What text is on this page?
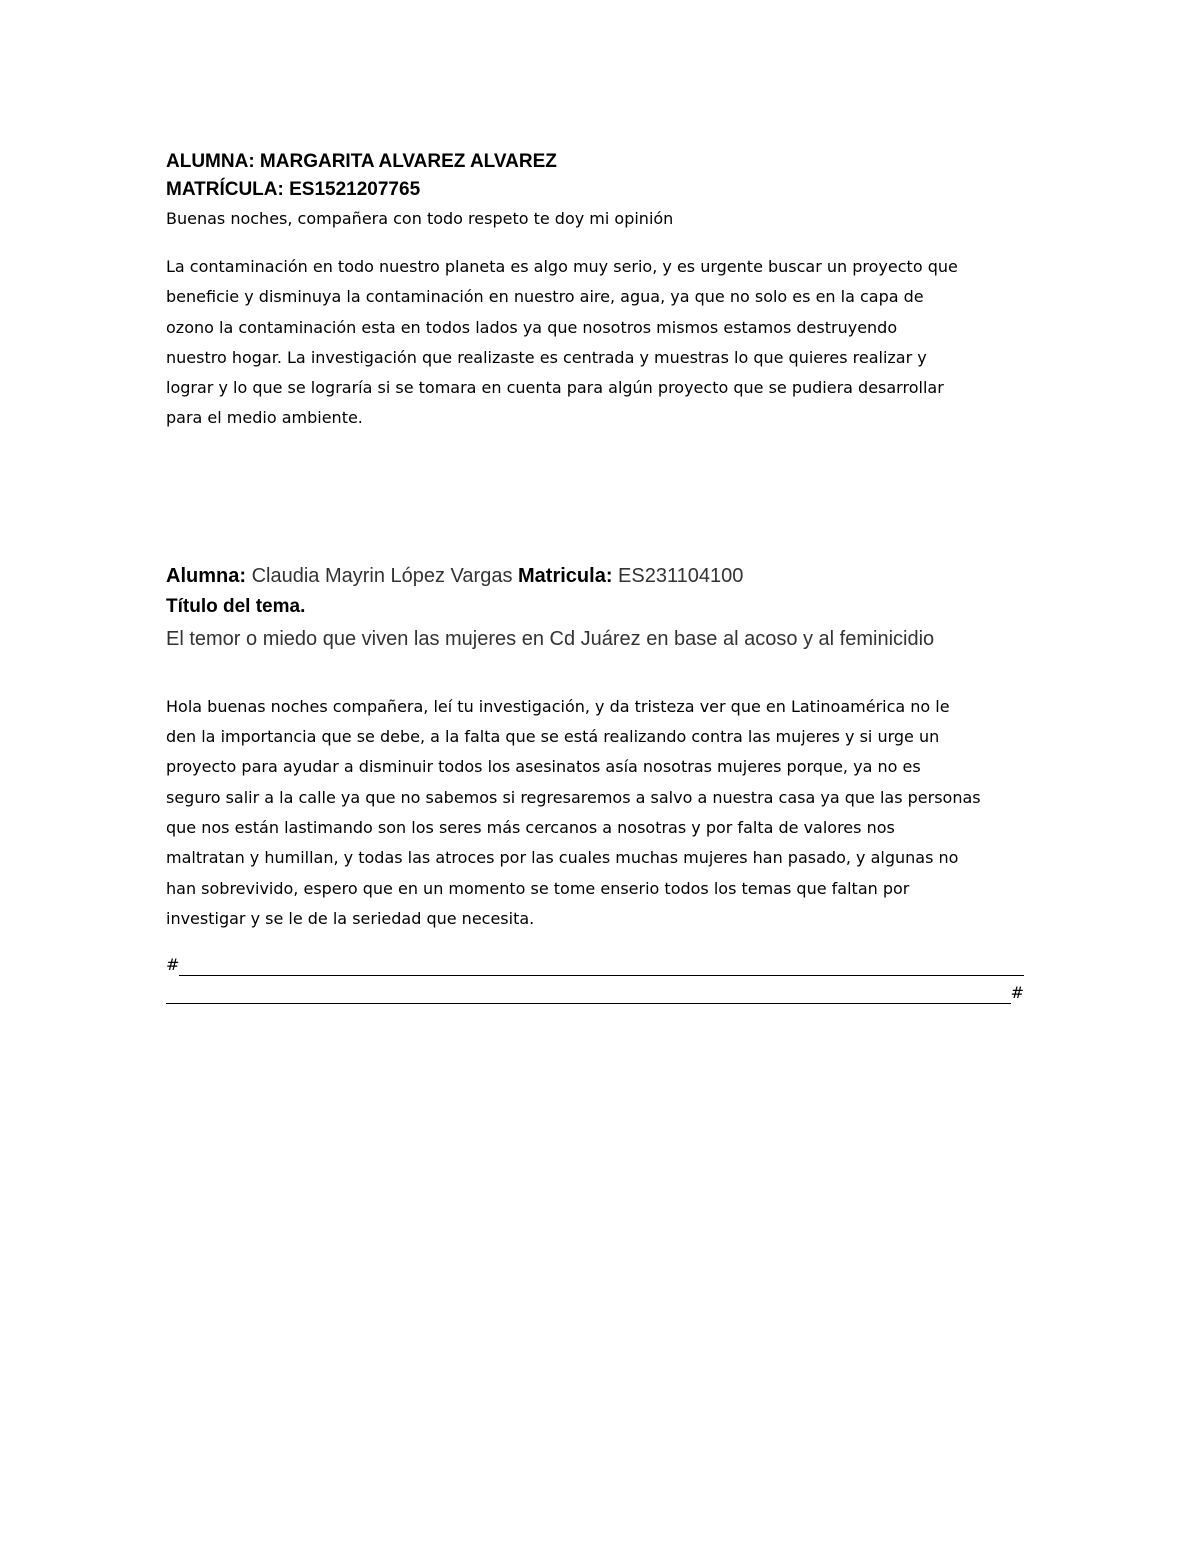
ALUMNA: MARGARITA ALVAREZ ALVAREZ

MATRÍCULA: ES1521207765

Buenas noches, compañera con todo respeto te doy mi opinión

La contaminación en todo nuestro planeta es algo muy serio, y es urgente buscar un proyecto que
beneficie y disminuya la contaminación en nuestro aire, agua, ya que no solo es en la capa de
ozono la contaminación esta en todos lados ya que nosotros mismos estamos destruyendo
nuestro hogar. La investigación que realizaste es centrada y muestras lo que quieres realizar y
lograr y lo que se lograría si se tomara en cuenta para algún proyecto que se pudiera desarrollar
para el medio ambiente.

Alumna: Claudia Mayrin López Vargas Matricula: ES231104100

Título del tema.

El temor o miedo que viven las mujeres en Cd Juárez en base al acoso y al feminicidio

Hola buenas noches compañera, leí tu investigación, y da tristeza ver que en Latinoamérica no le
den la importancia que se debe, a la falta que se está realizando contra las mujeres y si urge un
proyecto para ayudar a disminuir todos los asesinatos asía nosotras mujeres porque, ya no es
seguro salir a la calle ya que no sabemos si regresaremos a salvo a nuestra casa ya que las personas
que nos están lastimando son los seres más cercanos a nosotras y por falta de valores nos
maltratan y humillan, y todas las atroces por las cuales muchas mujeres han pasado, y algunas no
han sobrevivido, espero que en un momento se tome enserio todos los temas que faltan por
investigar y se le de la seriedad que necesita.
#
#
